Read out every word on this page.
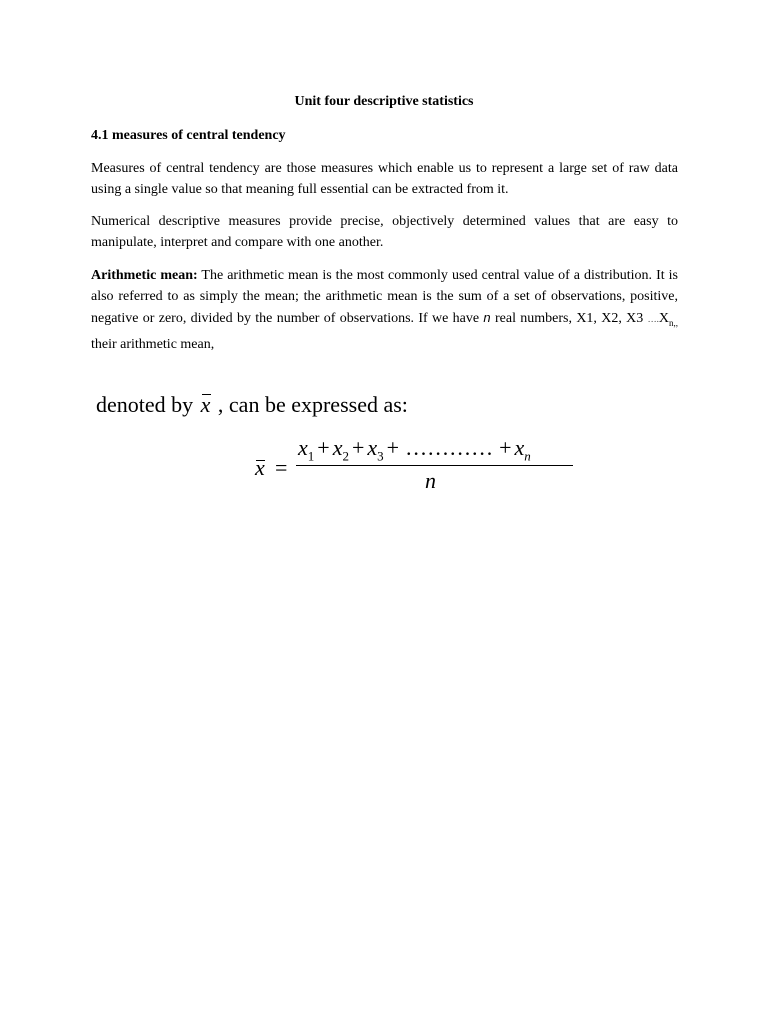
Unit four descriptive statistics
4.1 measures of central tendency

Measures of central tendency are those measures which enable us to represent a large set of raw data using a single value so that meaning full essential can be extracted from it.

Numerical descriptive measures provide precise, objectively determined values that are easy to manipulate, interpret and compare with one another.

Arithmetic mean: The arithmetic mean is the most commonly used central value of a distribution. It is also referred to as simply the mean; the arithmetic mean is the sum of a set of observations, positive, negative or zero, divided by the number of observations. If we have n real numbers, X1, X2, X3 $\dots.X_{n,,}$ their arithmetic mean,

denoted by x , can be expressed as:
x =
$x_1 + x_2 + x_3$ + ………… + $x_n$
n
